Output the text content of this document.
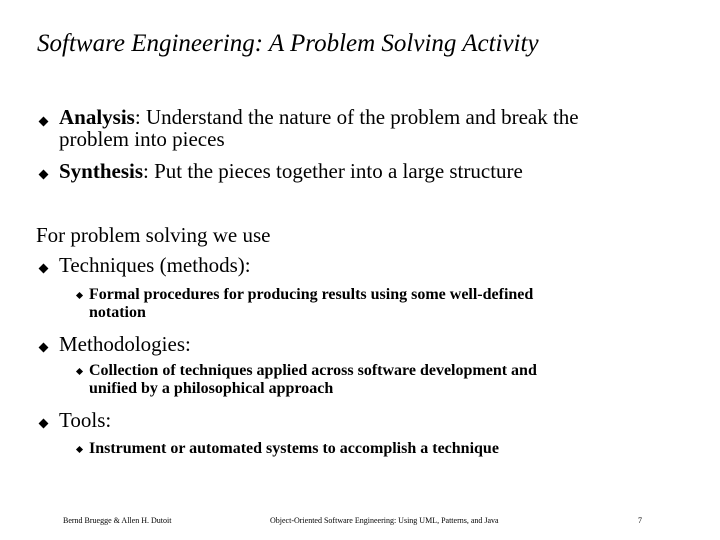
Software Engineering: A Problem Solving Activity
Analysis: Understand the nature of the problem and break the
problem into pieces
Synthesis: Put the pieces together into a large structure
For problem solving we use
Techniques (methods):
Formal procedures for producing results using some well-defined
notation
Methodologies:
Collection of techniques applied across software development and
unified by a philosophical approach
Tools:
Instrument or automated systems to accomplish a technique
Bernd Bruegge & Allen H. Dutoit	Object-Oriented Software Engineering: Using UML, Patterns, and Java	7
